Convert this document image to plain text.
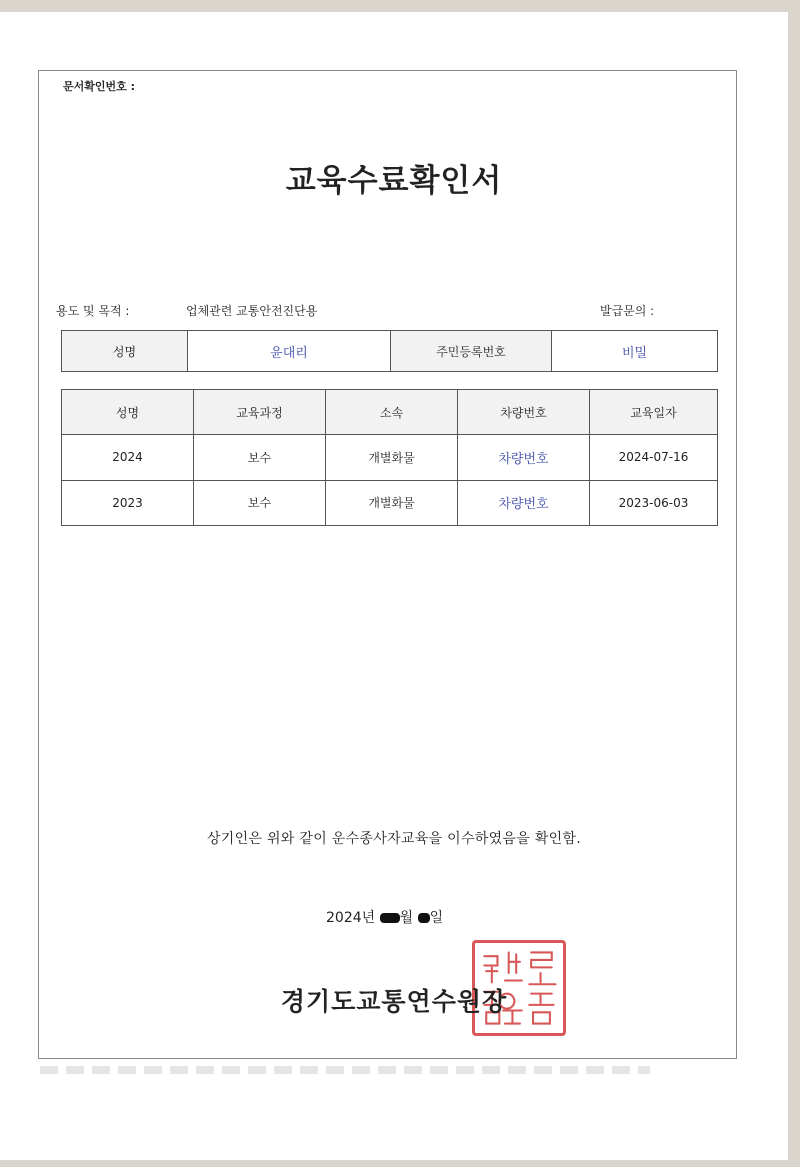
문서확인번호 :
교육수료확인서
용도 및 목적 :	업체관련 교통안전진단용	발급문의 :
성명	윤대리	주민등록번호	비밀
성명	교육과정	소속	차량번호	교육일자
2024	보수	개별화물	차량번호	2024-07-16
2023	보수	개별화물	차량번호	2023-06-03
상기인은 위와 같이 운수종사자교육을 이수하였음을 확인함.
2024년 월 일
경기도교통연수원장
